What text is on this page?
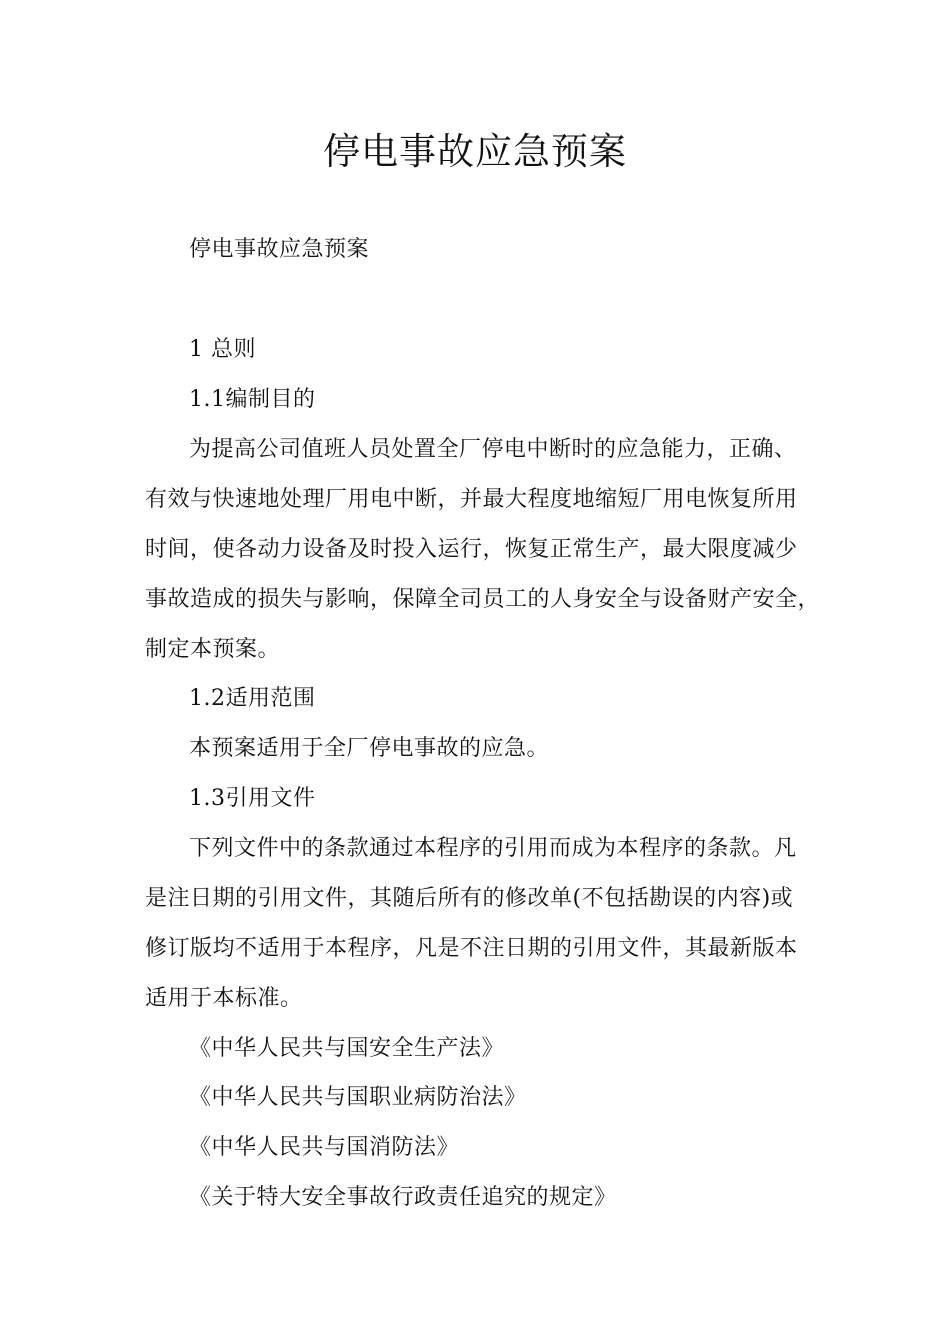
停电事故应急预案

停电事故应急预案

1 总则

1.1编制目的

为提高公司值班人员处置全厂停电中断时的应急能力，正确、

有效与快速地处理厂用电中断，并最大程度地缩短厂用电恢复所用

时间，使各动力设备及时投入运行，恢复正常生产，最大限度减少

事故造成的损失与影响，保障全司员工的人身安全与设备财产安全，

制定本预案。

1.2适用范围

本预案适用于全厂停电事故的应急。

1.3引用文件

下列文件中的条款通过本程序的引用而成为本程序的条款。凡

是注日期的引用文件，其随后所有的修改单(不包括勘误的内容)或

修订版均不适用于本程序，凡是不注日期的引用文件，其最新版本

适用于本标准。

《中华人民共与国安全生产法》

《中华人民共与国职业病防治法》

《中华人民共与国消防法》

《关于特大安全事故行政责任追究的规定》
